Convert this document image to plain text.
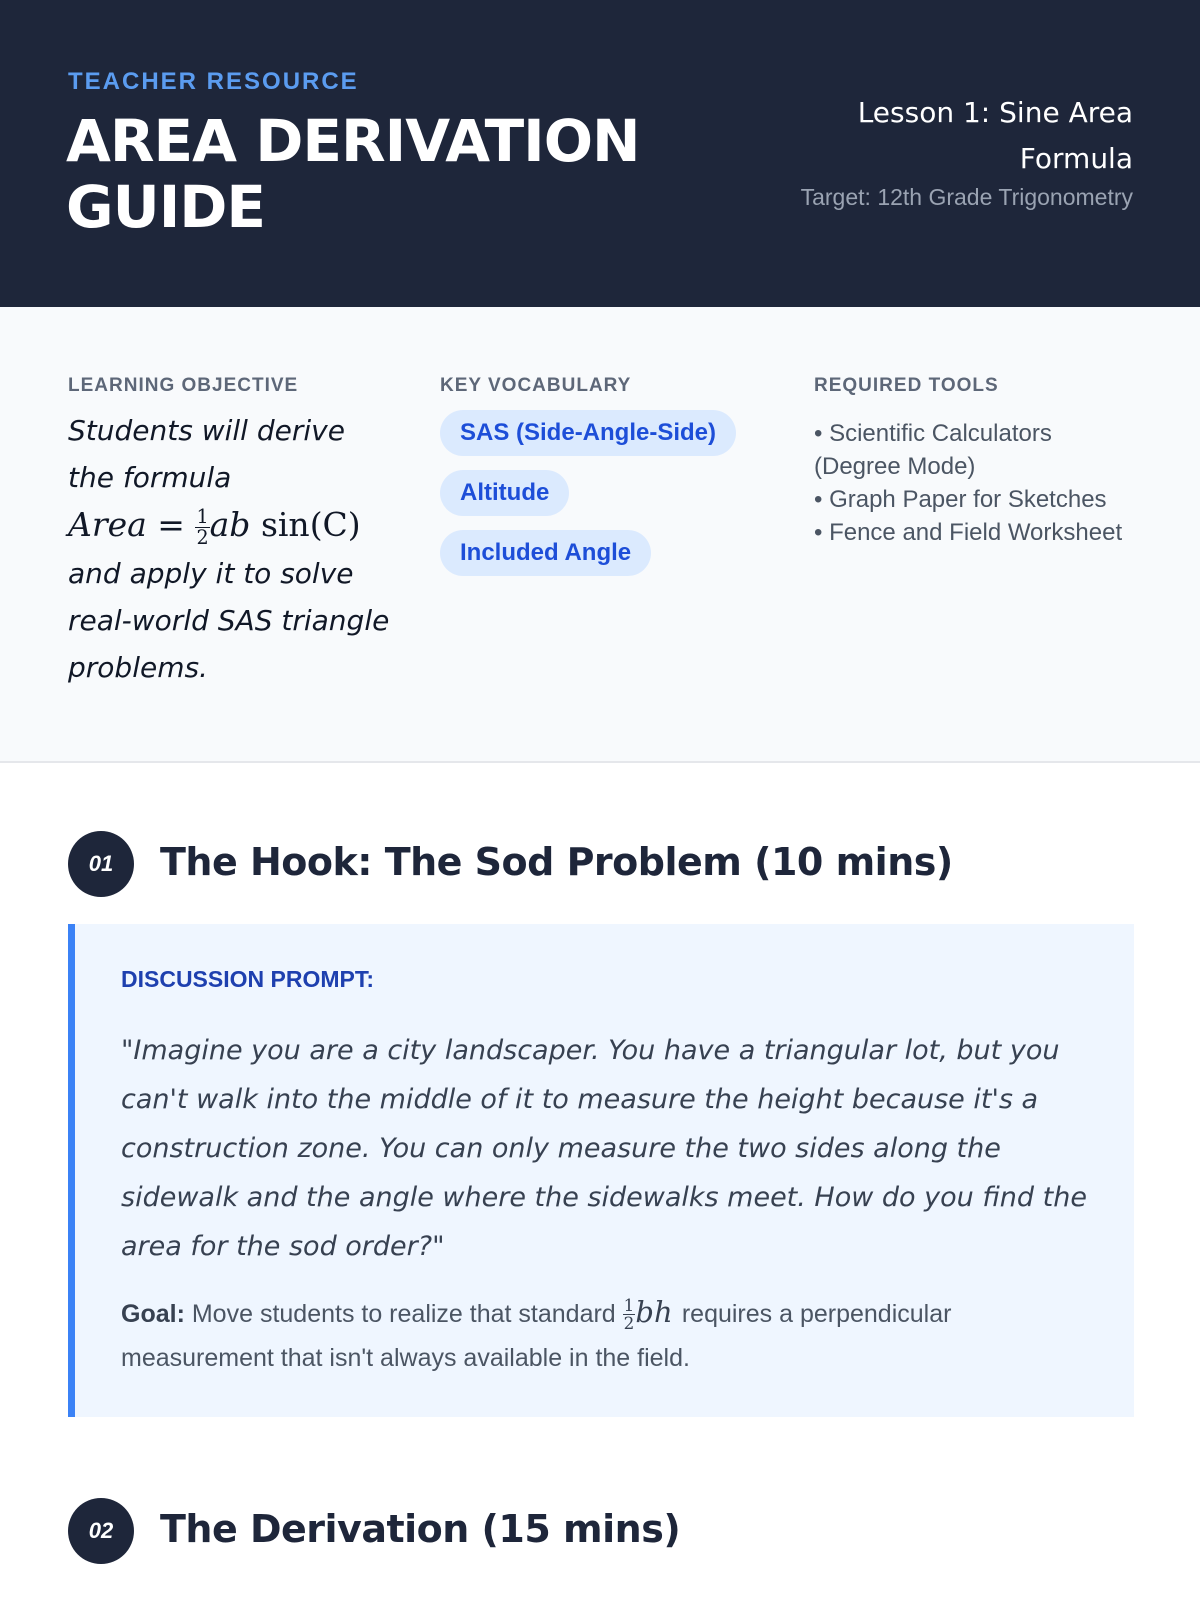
TEACHER RESOURCE
AREA DERIVATION GUIDE
Lesson 1: Sine Area Formula
Target: 12th Grade Trigonometry
LEARNING OBJECTIVE
Students will derive the formula
Area = $\frac{1}{2}$ ab sin(C)
and apply it to solve real-world SAS triangle problems.
KEY VOCABULARY
SAS (Side-Angle-Side)
Altitude
Included Angle
REQUIRED TOOLS
• Scientific Calculators (Degree Mode)
• Graph Paper for Sketches
• Fence and Field Worksheet
01	The Hook: The Sod Problem (10 mins)
DISCUSSION PROMPT:
"Imagine you are a city landscaper. You have a triangular lot, but you can't walk into the middle of it to measure the height because it's a construction zone. You can only measure the two sides along the sidewalk and the angle where the sidewalks meet. How do you find the area for the sod order?"
Goal: Move students to realize that standard $\frac{1}{2}$ bh requires a perpendicular measurement that isn't always available in the field.
02	The Derivation (15 mins)
